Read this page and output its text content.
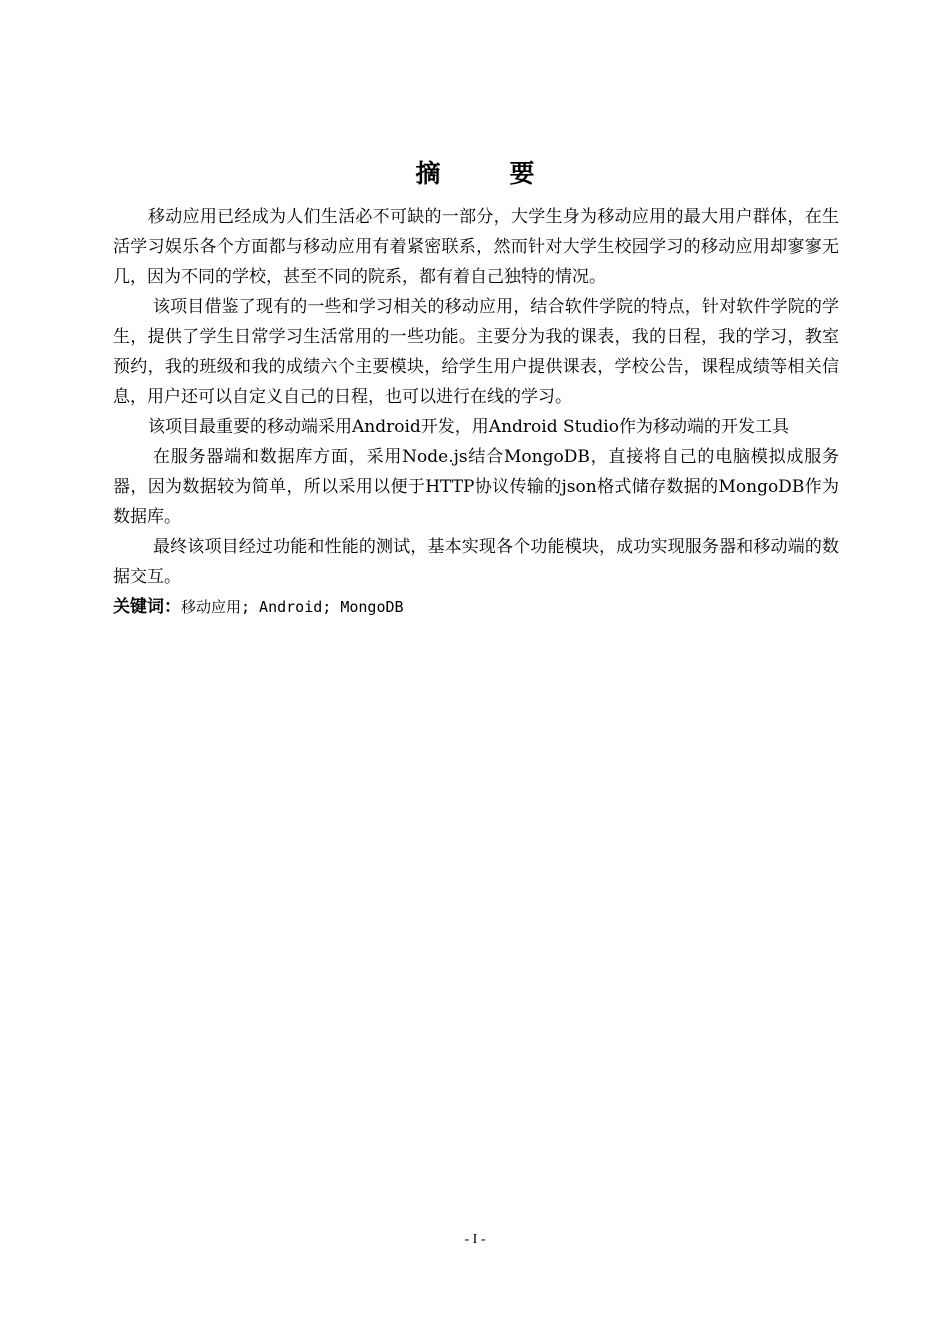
摘　要

移动应用已经成为人们生活必不可缺的一部分，大学生身为移动应用的最大用户群体，在生活学习娱乐各个方面都与移动应用有着紧密联系，然而针对大学生校园学习的移动应用却寥寥无几，因为不同的学校，甚至不同的院系，都有着自己独特的情况。

该项目借鉴了现有的一些和学习相关的移动应用，结合软件学院的特点，针对软件学院的学生，提供了学生日常学习生活常用的一些功能。主要分为我的课表，我的日程，我的学习，教室预约，我的班级和我的成绩六个主要模块，给学生用户提供课表，学校公告，课程成绩等相关信息，用户还可以自定义自己的日程，也可以进行在线的学习。

该项目最重要的移动端采用Android开发，用Android Studio作为移动端的开发工具

在服务器端和数据库方面，采用Node.js结合MongoDB，直接将自己的电脑模拟成服务器，因为数据较为简单，所以采用以便于HTTP协议传输的json格式储存数据的MongoDB作为数据库。

最终该项目经过功能和性能的测试，基本实现各个功能模块，成功实现服务器和移动端的数据交互。

关键词：移动应用; Android; MongoDB
- I -
